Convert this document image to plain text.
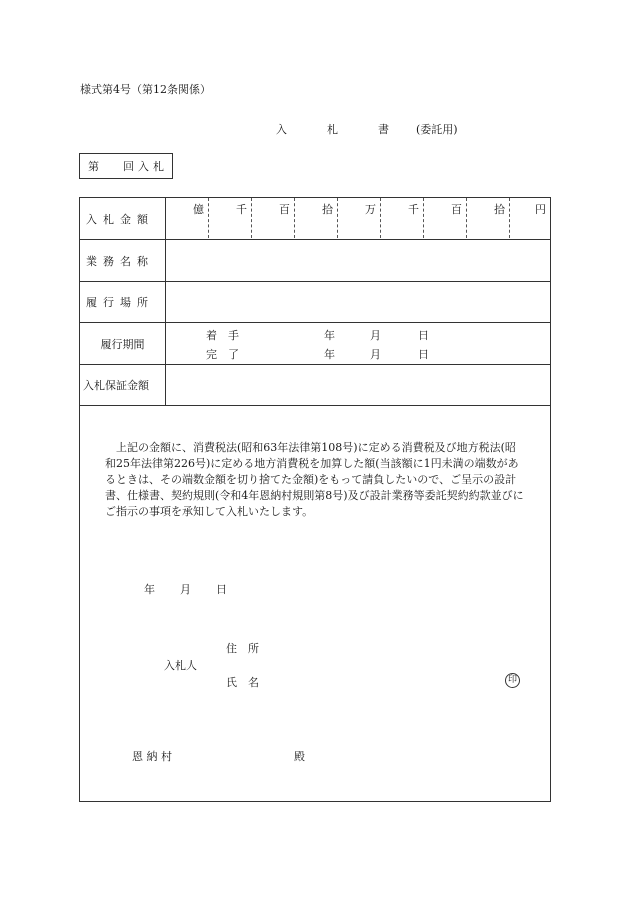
様式第4号（第12条関係）
入	札	書 (委託用)
第 回入札
入札金額
億	千	百	拾	万	千	百	拾	円
業務名称
履行場所
履行期間
着　手	年	月	日
完　了	年	月	日
入札保証金額

上記の金額に、消費税法(昭和63年法律第108号)に定める消費税及び地方税法(昭和25年法律第226号)に定める地方消費税を加算した額(当該額に1円未満の端数があるときは、その端数金額を切り捨てた金額)をもって請負したいので、ご呈示の設計書、仕様書、契約規則(令和4年恩納村規則第8号)及び設計業務等委託契約約款並びにご指示の事項を承知して入札いたします。

年 月 日
住　所
入札人
氏　名	印
恩 納 村	殿
